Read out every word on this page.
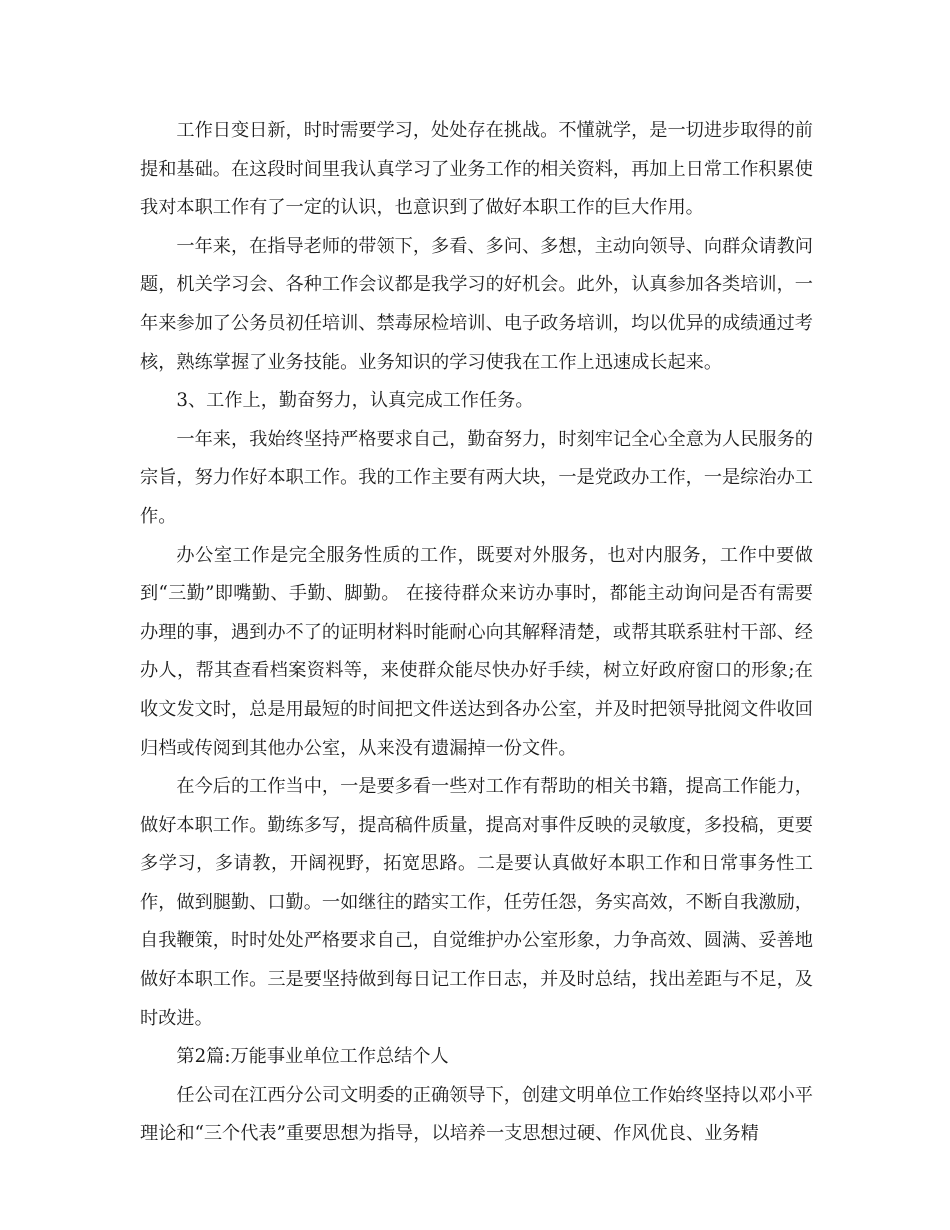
工作日变日新，时时需要学习，处处存在挑战。不懂就学，是一切进步取得的前提和基础。在这段时间里我认真学习了业务工作的相关资料，再加上日常工作积累使我对本职工作有了一定的认识，也意识到了做好本职工作的巨大作用。

一年来，在指导老师的带领下，多看、多问、多想，主动向领导、向群众请教问题，机关学习会、各种工作会议都是我学习的好机会。此外，认真参加各类培训，一年来参加了公务员初任培训、禁毒尿检培训、电子政务培训，均以优异的成绩通过考核，熟练掌握了业务技能。业务知识的学习使我在工作上迅速成长起来。

3、工作上，勤奋努力，认真完成工作任务。

一年来，我始终坚持严格要求自己，勤奋努力，时刻牢记全心全意为人民服务的宗旨，努力作好本职工作。我的工作主要有两大块，一是党政办工作，一是综治办工作。

办公室工作是完全服务性质的工作，既要对外服务，也对内服务，工作中要做到“三勤”即嘴勤、手勤、脚勤。 在接待群众来访办事时，都能主动询问是否有需要办理的事，遇到办不了的证明材料时能耐心向其解释清楚，或帮其联系驻村干部、经办人，帮其查看档案资料等，来使群众能尽快办好手续，树立好政府窗口的形象;在收文发文时，总是用最短的时间把文件送达到各办公室，并及时把领导批阅文件收回归档或传阅到其他办公室，从来没有遗漏掉一份文件。

在今后的工作当中，一是要多看一些对工作有帮助的相关书籍，提高工作能力，做好本职工作。勤练多写，提高稿件质量，提高对事件反映的灵敏度，多投稿，更要多学习，多请教，开阔视野，拓宽思路。二是要认真做好本职工作和日常事务性工作，做到腿勤、口勤。一如继往的踏实工作，任劳任怨，务实高效，不断自我激励，自我鞭策，时时处处严格要求自己，自觉维护办公室形象，力争高效、圆满、妥善地做好本职工作。三是要坚持做到每日记工作日志，并及时总结，找出差距与不足，及时改进。

第2篇:万能事业单位工作总结个人

任公司在江西分公司文明委的正确领导下，创建文明单位工作始终坚持以邓小平理论和“三个代表”重要思想为指导，以培养一支思想过硬、作风优良、业务精
